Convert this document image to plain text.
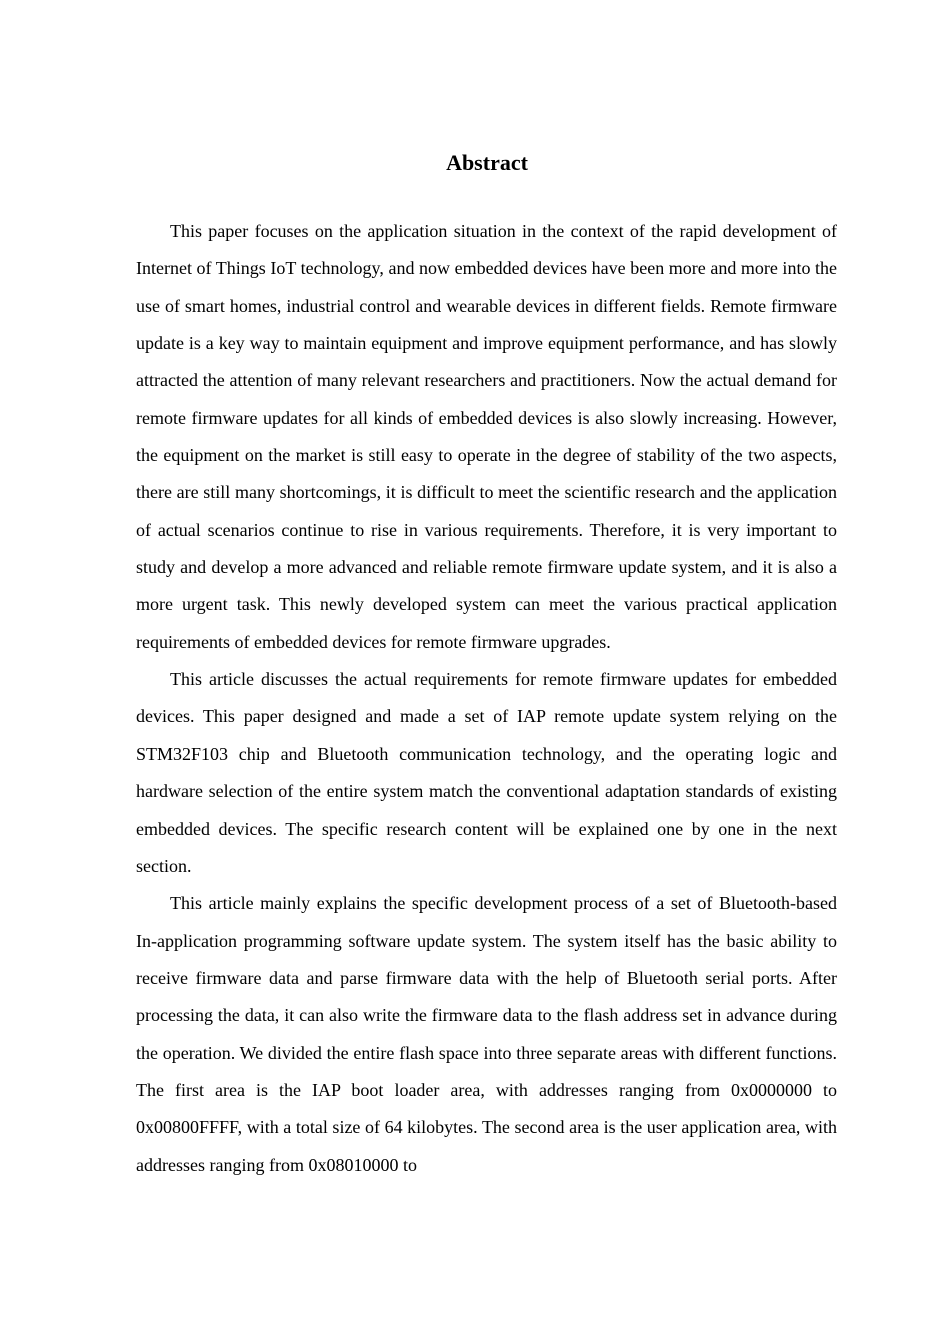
Abstract

This paper focuses on the application situation in the context of the rapid development of Internet of Things IoT technology, and now embedded devices have been more and more into the use of smart homes, industrial control and wearable devices in different fields. Remote firmware update is a key way to maintain equipment and improve equipment performance, and has slowly attracted the attention of many relevant researchers and practitioners. Now the actual demand for remote firmware updates for all kinds of embedded devices is also slowly increasing. However, the equipment on the market is still easy to operate in the degree of stability of the two aspects, there are still many shortcomings, it is difficult to meet the scientific research and the application of actual scenarios continue to rise in various requirements. Therefore, it is very important to study and develop a more advanced and reliable remote firmware update system, and it is also a more urgent task. This newly developed system can meet the various practical application requirements of embedded devices for remote firmware upgrades.

This article discusses the actual requirements for remote firmware updates for embedded devices. This paper designed and made a set of IAP remote update system relying on the STM32F103 chip and Bluetooth communication technology, and the operating logic and hardware selection of the entire system match the conventional adaptation standards of existing embedded devices. The specific research content will be explained one by one in the next section.

This article mainly explains the specific development process of a set of Bluetooth-based In-application programming software update system. The system itself has the basic ability to receive firmware data and parse firmware data with the help of Bluetooth serial ports. After processing the data, it can also write the firmware data to the flash address set in advance during the operation. We divided the entire flash space into three separate areas with different functions. The first area is the IAP boot loader area, with addresses ranging from 0x0000000 to 0x00800FFFF, with a total size of 64 kilobytes. The second area is the user application area, with addresses ranging from 0x08010000 to
